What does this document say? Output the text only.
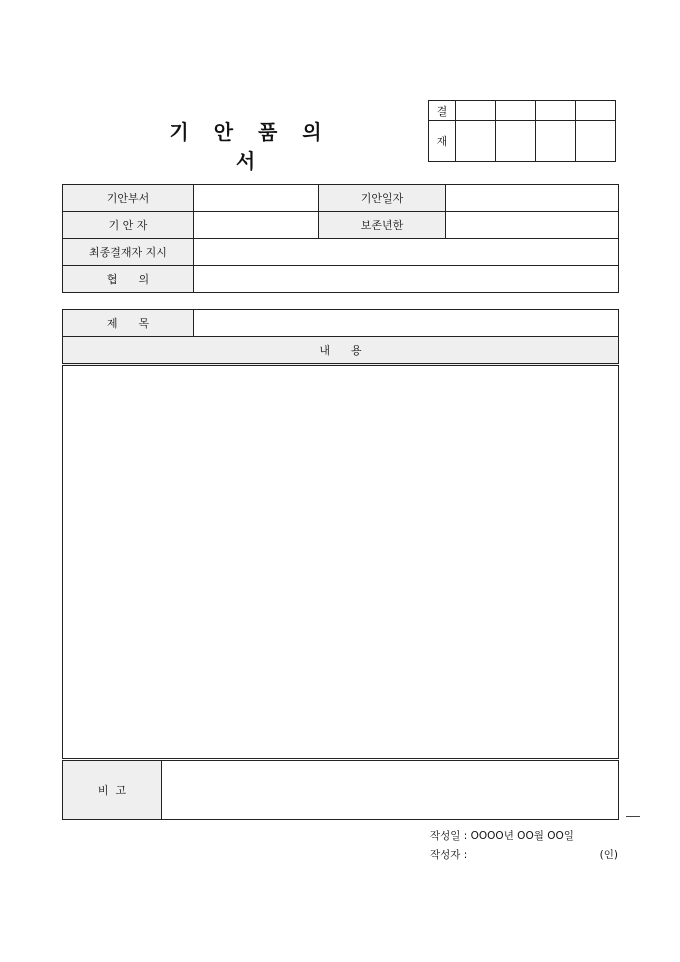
기 안 품 의 서
결				
재				
기안부서		기안일자	
기 안 자		보존년한	
최종결재자 지시			
협      의			
제      목	
내      용

비  고	
작성일 : OOOO년 OO월 OO일
작성자 :	(인)
